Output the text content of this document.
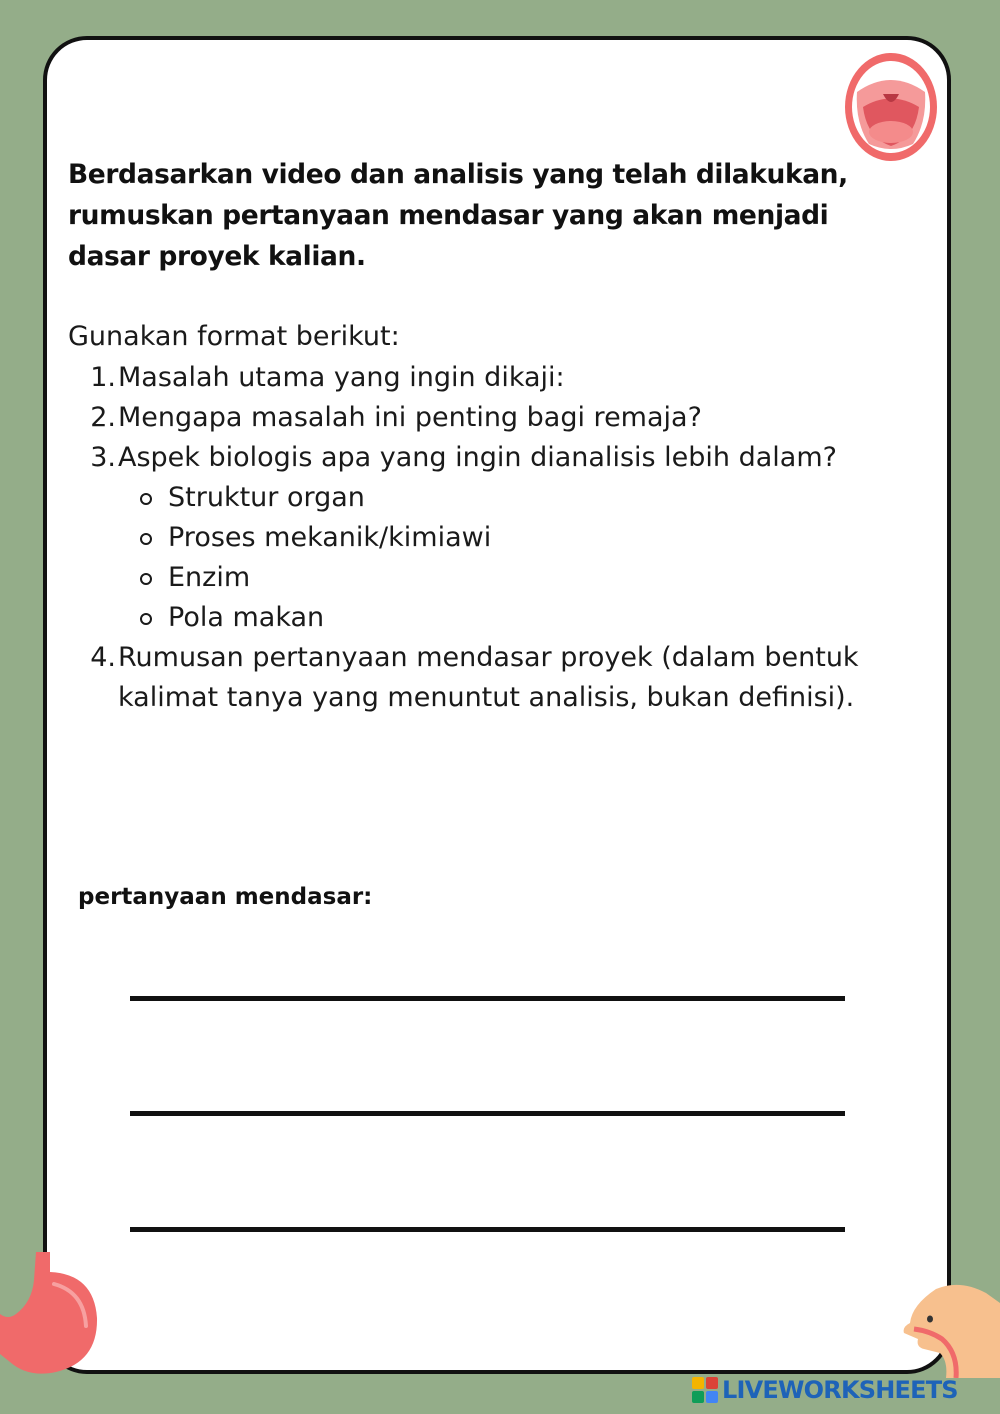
Berdasarkan video dan analisis yang telah dilakukan, rumuskan pertanyaan mendasar yang akan menjadi dasar proyek kalian.

Gunakan format berikut:

1. Masalah utama yang ingin dikaji:
2. Mengapa masalah ini penting bagi remaja?
3. Aspek biologis apa yang ingin dianalisis lebih dalam?
Struktur organ
Proses mekanik/kimiawi
Enzim
Pola makan
4. Rumusan pertanyaan mendasar proyek (dalam bentuk kalimat tanya yang menuntut analisis, bukan definisi).

pertanyaan mendasar:

LIVEWORKSHEETS
